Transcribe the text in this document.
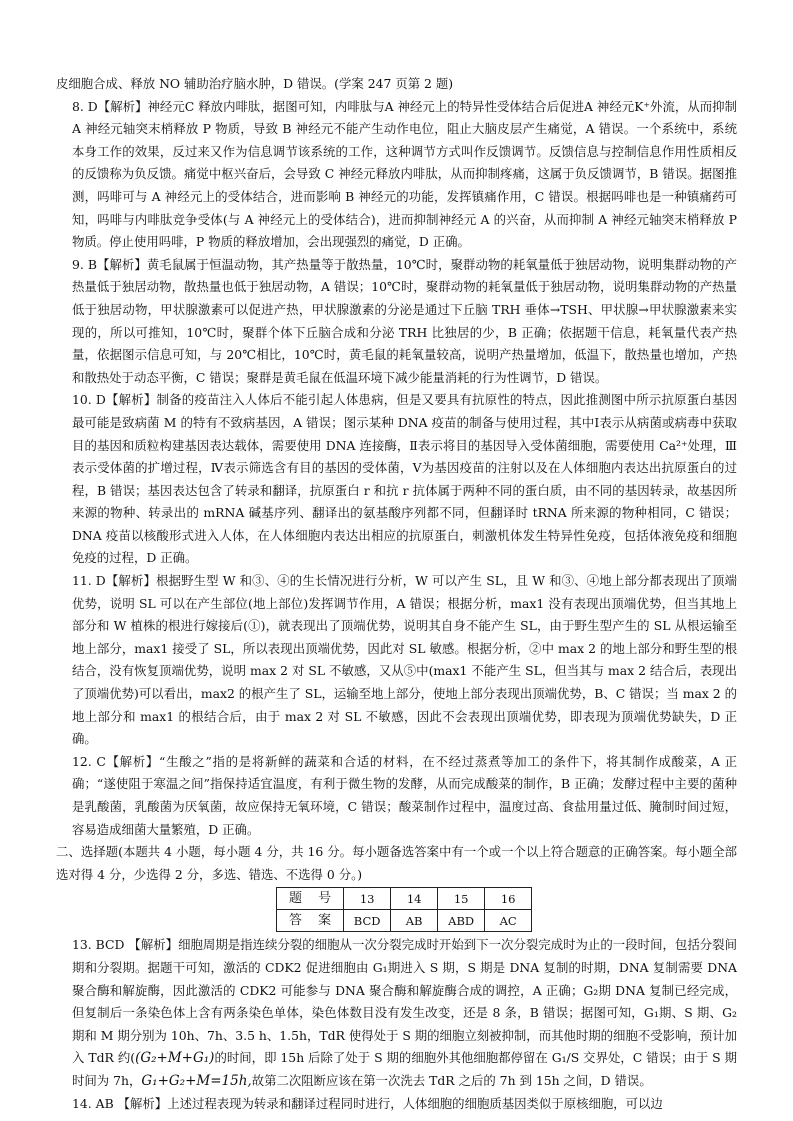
皮细胞合成、释放 NO 辅助治疗脑水肿，D 错误。(学案 247 页第 2 题)

8. D【解析】神经元C 释放内啡肽，据图可知，内啡肽与A 神经元上的特异性受体结合后促进A 神经元K⁺外流，从而抑制 A 神经元轴突末梢释放 P 物质，导致 B 神经元不能产生动作电位，阻止大脑皮层产生痛觉，A 错误。一个系统中，系统本身工作的效果，反过来又作为信息调节该系统的工作，这种调节方式叫作反馈调节。反馈信息与控制信息作用性质相反的反馈称为负反馈。痛觉中枢兴奋后，会导致 C 神经元释放内啡肽，从而抑制疼痛，这属于负反馈调节，B 错误。据图推测，吗啡可与 A 神经元上的受体结合，进而影响 B 神经元的功能，发挥镇痛作用，C 错误。根据吗啡也是一种镇痛药可知，吗啡与内啡肽竞争受体(与 A 神经元上的受体结合)，进而抑制神经元 A 的兴奋，从而抑制 A 神经元轴突末梢释放 P 物质。停止使用吗啡，P 物质的释放增加，会出现强烈的痛觉，D 正确。

9. B【解析】黄毛鼠属于恒温动物，其产热量等于散热量，10℃时，聚群动物的耗氧量低于独居动物，说明集群动物的产热量低于独居动物，散热量也低于独居动物，A 错误；10℃时，聚群动物的耗氧量低于独居动物，说明集群动物的产热量低于独居动物，甲状腺激素可以促进产热，甲状腺激素的分泌是通过下丘脑 TRH 垂体→TSH、甲状腺→甲状腺激素来实现的，所以可推知，10℃时，聚群个体下丘脑合成和分泌 TRH 比独居的少，B 正确；依据题干信息，耗氧量代表产热量，依据图示信息可知，与 20℃相比，10℃时，黄毛鼠的耗氧量较高，说明产热量增加，低温下，散热量也增加，产热和散热处于动态平衡，C 错误；聚群是黄毛鼠在低温环境下减少能量消耗的行为性调节，D 错误。

10. D【解析】制备的疫苗注入人体后不能引起人体患病，但是又要具有抗原性的特点，因此推测图中所示抗原蛋白基因最可能是致病菌 M 的特有不致病基因，A 错误；图示某种 DNA 疫苗的制备与使用过程，其中Ⅰ表示从病菌或病毒中获取目的基因和质粒构建基因表达载体，需要使用 DNA 连接酶，Ⅱ表示将目的基因导入受体菌细胞，需要使用 Ca²⁺处理，Ⅲ表示受体菌的扩增过程，Ⅳ表示筛选含有目的基因的受体菌，Ⅴ为基因疫苗的注射以及在人体细胞内表达出抗原蛋白的过程，B 错误；基因表达包含了转录和翻译，抗原蛋白 r 和抗 r 抗体属于两种不同的蛋白质，由不同的基因转录，故基因所来源的物种、转录出的 mRNA 碱基序列、翻译出的氨基酸序列都不同，但翻译时 tRNA 所来源的物种相同，C 错误；DNA 疫苗以核酸形式进入人体，在人体细胞内表达出相应的抗原蛋白，刺激机体发生特异性免疫，包括体液免疫和细胞免疫的过程，D 正确。

11. D【解析】根据野生型 W 和③、④的生长情况进行分析，W 可以产生 SL，且 W 和③、④地上部分都表现出了顶端优势，说明 SL 可以在产生部位(地上部位)发挥调节作用，A 错误；根据分析，max1 没有表现出顶端优势，但当其地上部分和 W 植株的根进行嫁接后(①)，就表现出了顶端优势，说明其自身不能产生 SL，由于野生型产生的 SL 从根运输至地上部分，max1 接受了 SL，所以表现出顶端优势，因此对 SL 敏感。根据分析，②中 max 2 的地上部分和野生型的根结合，没有恢复顶端优势，说明 max 2 对 SL 不敏感，又从⑤中(max1 不能产生 SL，但当其与 max 2 结合后，表现出了顶端优势)可以看出，max2 的根产生了 SL，运输至地上部分，使地上部分表现出顶端优势，B、C 错误；当 max 2 的地上部分和 max1 的根结合后，由于 max 2 对 SL 不敏感，因此不会表现出顶端优势，即表现为顶端优势缺失，D 正确。

12. C【解析】“生酸之”指的是将新鲜的蔬菜和合适的材料，在不经过蒸煮等加工的条件下，将其制作成酸菜，A 正确；“遂使阻于寒温之间”指保持适宜温度，有利于微生物的发酵，从而完成酸菜的制作，B 正确；发酵过程中主要的菌种是乳酸菌，乳酸菌为厌氧菌，故应保持无氧环境，C 错误；酸菜制作过程中，温度过高、食盐用量过低、腌制时间过短，容易造成细菌大量繁殖，D 正确。

二、选择题(本题共 4 小题，每小题 4 分，共 16 分。每小题备选答案中有一个或一个以上符合题意的正确答案。每小题全部选对得 4 分，少选得 2 分，多选、错选、不选得 0 分。)

题 号	13	14	15	16
答 案	BCD	AB	ABD	AC

13. BCD 【解析】细胞周期是指连续分裂的细胞从一次分裂完成时开始到下一次分裂完成时为止的一段时间，包括分裂间期和分裂期。据题干可知，激活的 CDK2 促进细胞由 G₁期进入 S 期，S 期是 DNA 复制的时期，DNA 复制需要 DNA 聚合酶和解旋酶，因此激活的 CDK2 可能参与 DNA 聚合酶和解旋酶合成的调控，A 正确；G₂期 DNA 复制已经完成，但复制后一条染色体上含有两条染色单体，染色体数目没有发生改变，还是 8 条，B 错误；据图可知，G₁期、S 期、G₂期和 M 期分别为 10h、7h、3.5 h、1.5h，TdR 使得处于 S 期的细胞立刻被抑制，而其他时期的细胞不受影响，预计加入 TdR 约((G₂+M+G₁)的时间，即 15h 后除了处于 S 期的细胞外其他细胞都停留在 G₁/S 交界处，C 错误；由于 S 期时间为 7h，G₁+G₂+M=15h,故第二次阻断应该在第一次洗去 TdR 之后的 7h 到 15h 之间，D 错误。

14. AB 【解析】上述过程表现为转录和翻译过程同时进行，人体细胞的细胞质基因类似于原核细胞，可以边
